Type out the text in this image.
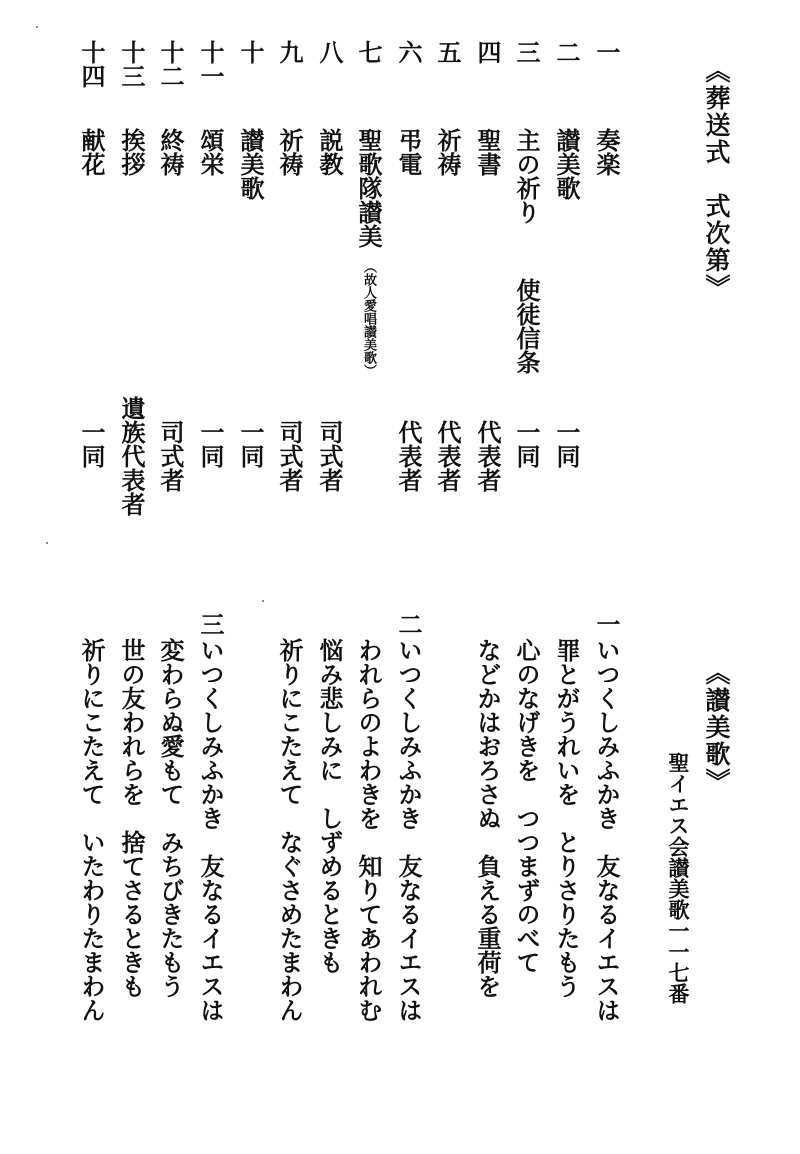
《葬送式　式次第》
一
二
三
四
五
六
七
八
九
十
十一
十二
十三
十四
奏楽
讃美歌
主の祈り
使徒信条
聖書
祈祷
弔電
聖歌隊讃美
（故人愛唱讃美歌）
説教
祈祷
讃美歌
頌栄
終祷
挨拶
献花
一同
一同
代表者
代表者
代表者
司式者
司式者
一同
一同
司式者
遺族代表者
一同
《讃美歌》
聖イエス会讃美歌一一七番
一
二
三
いつくしみふかき　友なるイエスは
罪とがうれいを　とりさりたもう
心のなげきを　つつまずのべて
などかはおろさぬ　負える重荷を
いつくしみふかき　友なるイエスは
われらのよわきを　知りてあわれむ
悩み悲しみに　しずめるときも
祈りにこたえて　なぐさめたまわん
いつくしみふかき　友なるイエスは
変わらぬ愛もて　みちびきたもう
世の友われらを　捨てさるときも
祈りにこたえて　いたわりたまわん
